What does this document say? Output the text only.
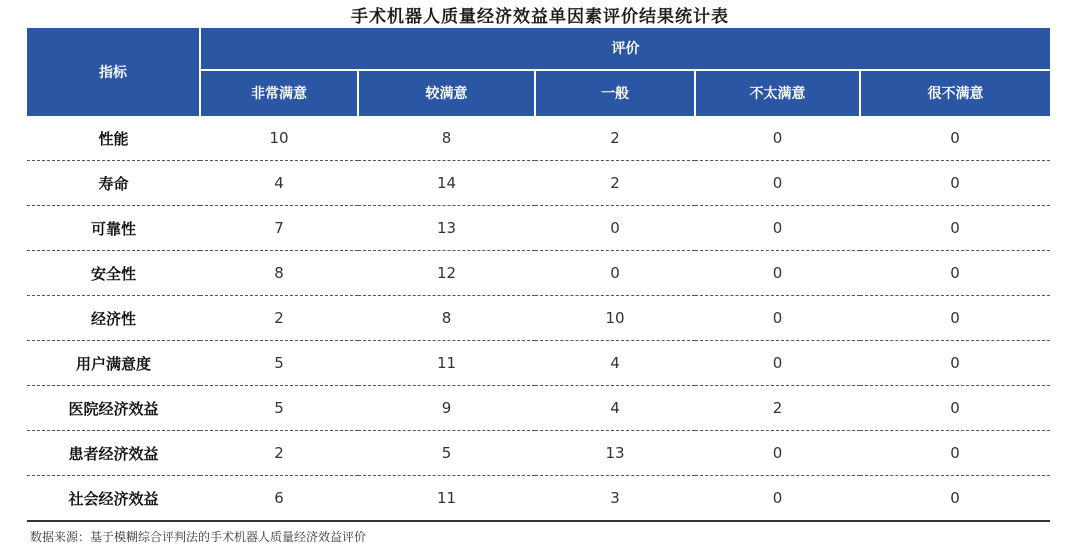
手术机器人质量经济效益单因素评价结果统计表
指标	评价				
	非常满意	较满意	一般	不太满意	很不满意
性能	10	8	2	0	0
寿命	4	14	2	0	0
可靠性	7	13	0	0	0
安全性	8	12	0	0	0
经济性	2	8	10	0	0
用户满意度	5	11	4	0	0
医院经济效益	5	9	4	2	0
患者经济效益	2	5	13	0	0
社会经济效益	6	11	3	0	0
数据来源：基于模糊综合评判法的手术机器人质量经济效益评价
